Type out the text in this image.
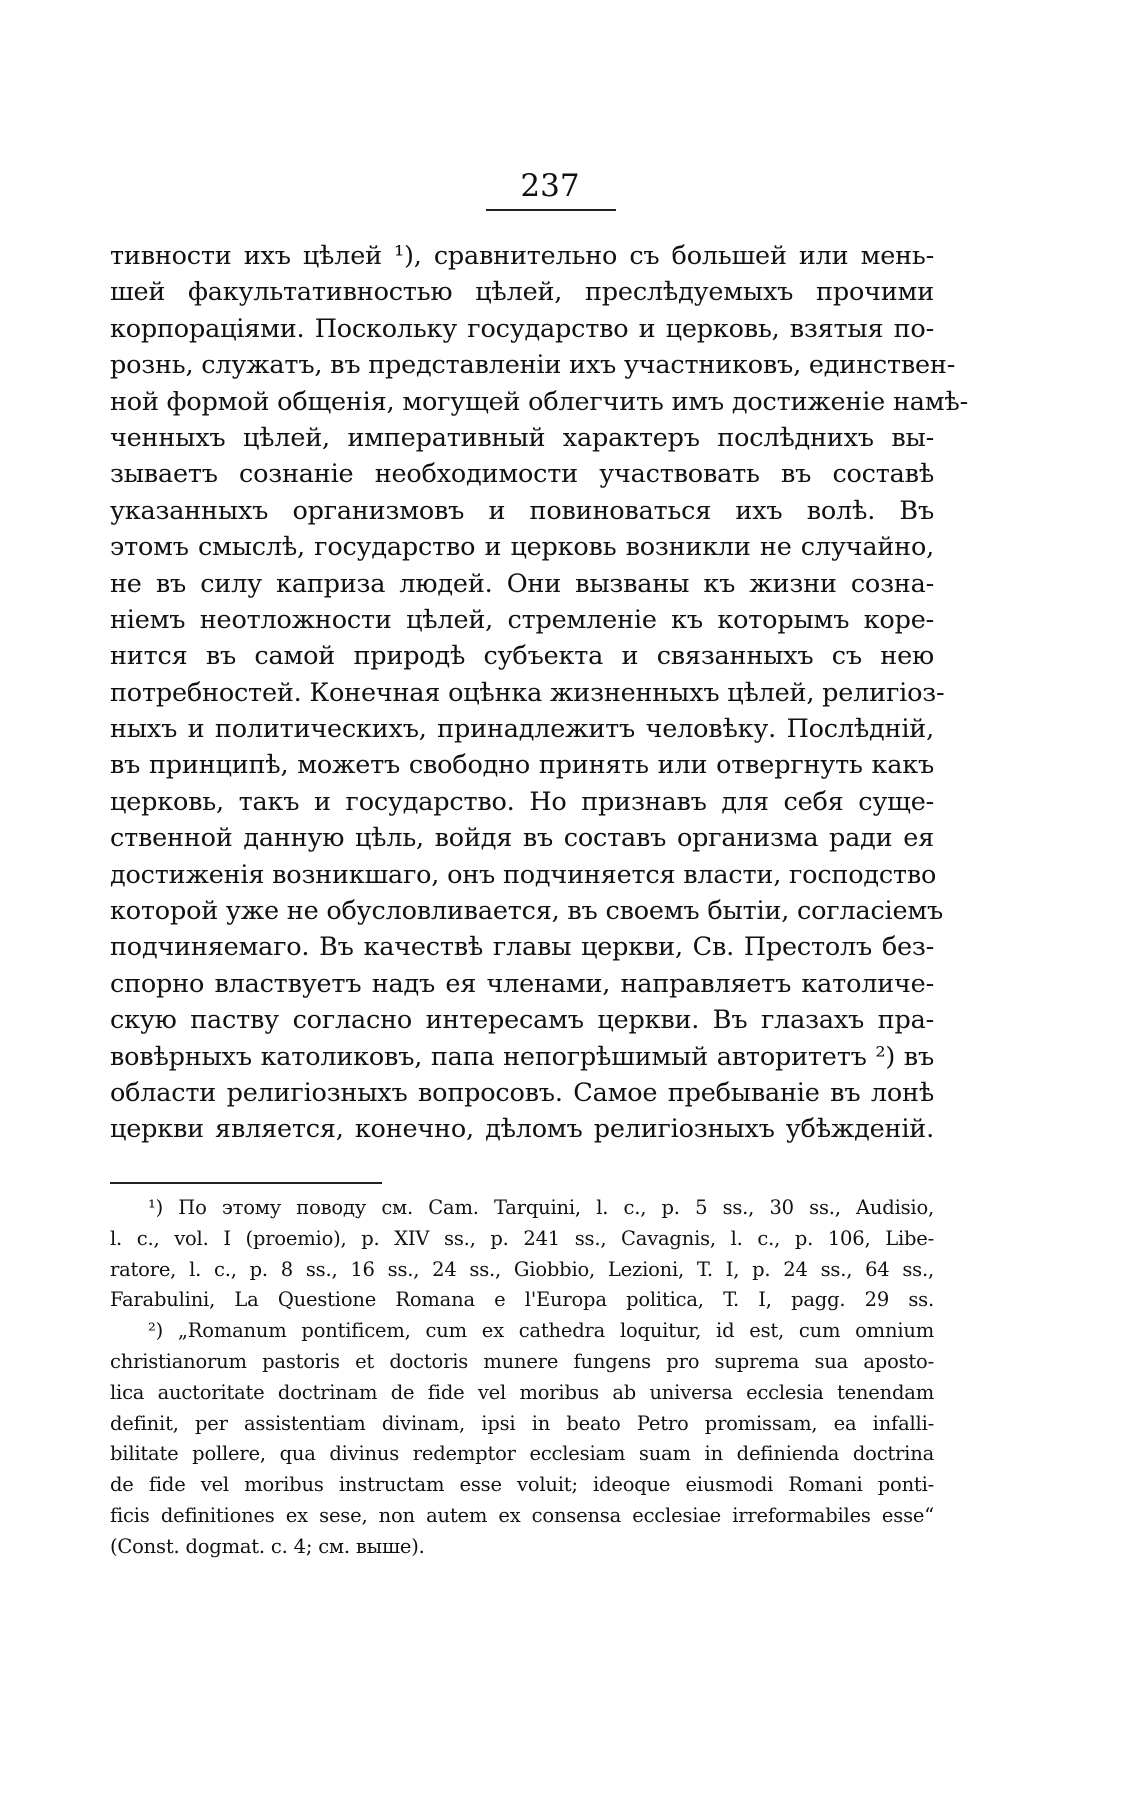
237
тивности ихъ цѣлей ¹), сравнительно съ большей или мень-
шей факультативностью цѣлей, преслѣдуемыхъ прочими
корпораціями. Поскольку государство и церковь, взятыя по-
рознь, служатъ, въ представленіи ихъ участниковъ, единствен-
ной формой общенія, могущей облегчить имъ достиженіе намѣ-
ченныхъ цѣлей, императивный характеръ послѣднихъ вы-
зываетъ сознаніе необходимости участвовать въ составѣ
указанныхъ организмовъ и повиноваться ихъ волѣ. Въ
этомъ смыслѣ, государство и церковь возникли не случайно,
не въ силу каприза людей. Они вызваны къ жизни созна-
ніемъ неотложности цѣлей, стремленіе къ которымъ коре-
нится въ самой природѣ субъекта и связанныхъ съ нею
потребностей. Конечная оцѣнка жизненныхъ цѣлей, религіоз-
ныхъ и политическихъ, принадлежитъ человѣку. Послѣдній,
въ принципѣ, можетъ свободно принять или отвергнуть какъ
церковь, такъ и государство. Но признавъ для себя суще-
ственной данную цѣль, войдя въ составъ организма ради ея
достиженія возникшаго, онъ подчиняется власти, господство
которой уже не обусловливается, въ своемъ бытіи, согласіемъ
подчиняемаго. Въ качествѣ главы церкви, Св. Престолъ без-
спорно властвуетъ надъ ея членами, направляетъ католиче-
скую паству согласно интересамъ церкви. Въ глазахъ пра-
вовѣрныхъ католиковъ, папа непогрѣшимый авторитетъ ²) въ
области религіозныхъ вопросовъ. Самое пребываніе въ лонѣ
церкви является, конечно, дѣломъ религіозныхъ убѣжденій.
¹) По этому поводу см. Cam. Tarquini, l. c., p. 5 ss., 30 ss., Audisio,
l. c., vol. I (proemio), p. XIV ss., p. 241 ss., Cavagnis, l. c., p. 106, Libe-
ratore, l. c., p. 8 ss., 16 ss., 24 ss., Giobbio, Lezioni, T. I, p. 24 ss., 64 ss.,
Farabulini, La Questione Romana e l'Europa politica, T. I, pagg. 29 ss.
²) „Romanum pontificem, cum ex cathedra loquitur, id est, cum omnium
christianorum pastoris et doctoris munere fungens pro suprema sua aposto-
lica auctoritate doctrinam de fide vel moribus ab universa ecclesia tenendam
definit, per assistentiam divinam, ipsi in beato Petro promissam, ea infalli-
bilitate pollere, qua divinus redemptor ecclesiam suam in definienda doctrina
de fide vel moribus instructam esse voluit; ideoque eiusmodi Romani ponti-
ficis definitiones ex sese, non autem ex consensa ecclesiae irreformabiles esse“
(Const. dogmat. c. 4; см. выше).
